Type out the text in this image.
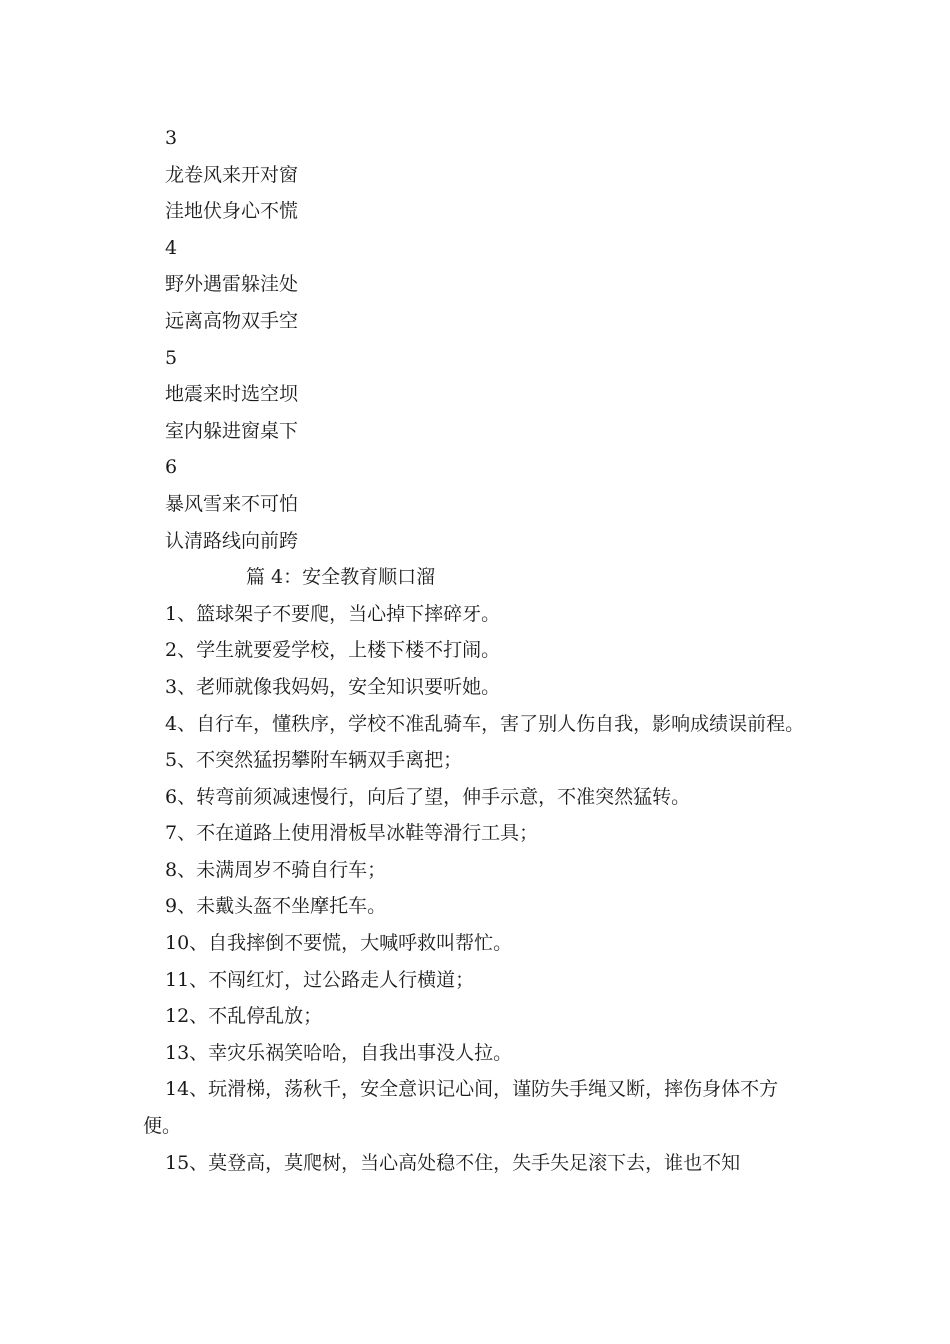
3
龙卷风来开对窗
洼地伏身心不慌
4
野外遇雷躲洼处
远离高物双手空
5
地震来时选空坝
室内躲进窗桌下
6
暴风雪来不可怕
认清路线向前跨
篇 4：安全教育顺口溜
1、篮球架子不要爬，当心掉下摔碎牙。
2、学生就要爱学校，上楼下楼不打闹。
3、老师就像我妈妈，安全知识要听她。
4、自行车，懂秩序，学校不准乱骑车，害了别人伤自我，影响成绩误前程。
5、不突然猛拐攀附车辆双手离把；
6、转弯前须减速慢行，向后了望，伸手示意，不准突然猛转。
7、不在道路上使用滑板旱冰鞋等滑行工具；
8、未满周岁不骑自行车；
9、未戴头盔不坐摩托车。
10、自我摔倒不要慌，大喊呼救叫帮忙。
11、不闯红灯，过公路走人行横道；
12、不乱停乱放；
13、幸灾乐祸笑哈哈，自我出事没人拉。
14、玩滑梯，荡秋千，安全意识记心间，谨防失手绳又断，摔伤身体不方便。
15、莫登高，莫爬树，当心高处稳不住，失手失足滚下去，谁也不知
